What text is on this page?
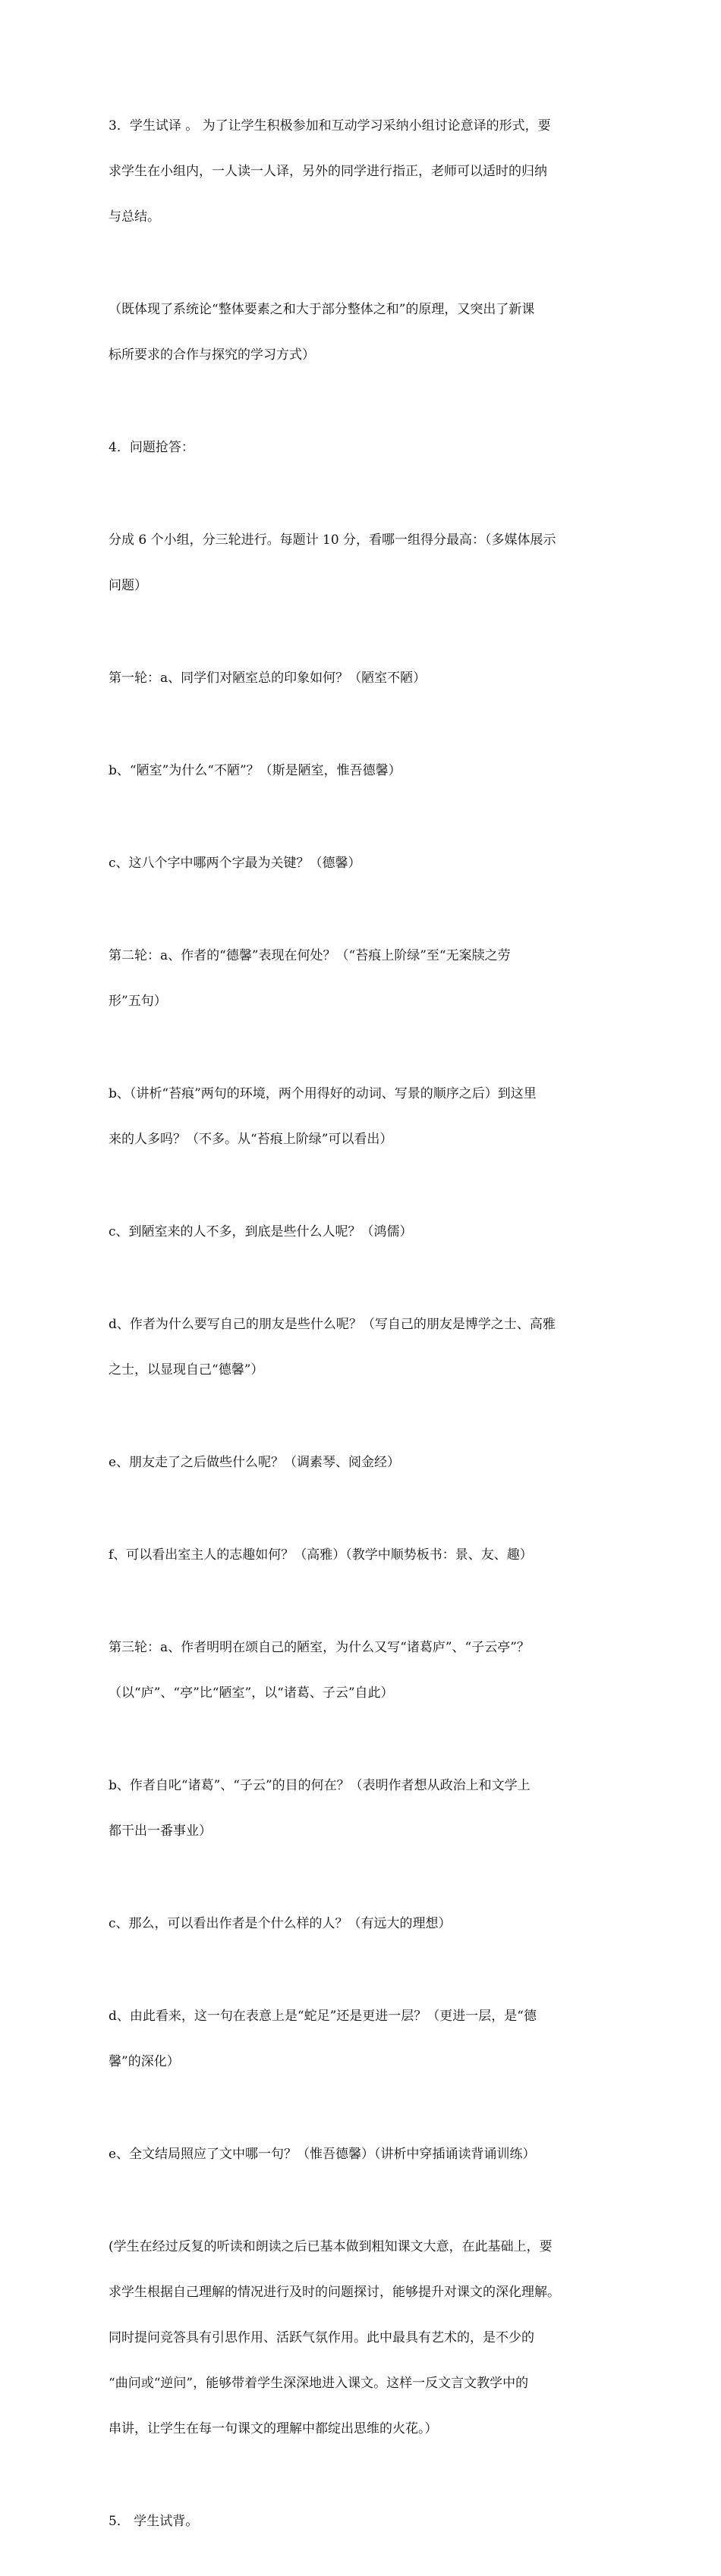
3．学生试译 。 为了让学生积极参加和互动学习采纳小组讨论意译的形式，要

求学生在小组内，一人读一人译，另外的同学进行指正，老师可以适时的归纳

与总结。

（既体现了系统论“整体要素之和大于部分整体之和”的原理，又突出了新课

标所要求的合作与探究的学习方式）

4．问题抢答：

分成 6 个小组，分三轮进行。每题计 10 分，看哪一组得分最高：（多媒体展示

问题）

第一轮：a、同学们对陋室总的印象如何？（陋室不陋）

b、“陋室”为什么“不陋”？（斯是陋室，惟吾德馨）

c、这八个字中哪两个字最为关键？（德馨）

第二轮：a、作者的“德馨”表现在何处？（“苔痕上阶绿”至“无案牍之劳

形”五句）

b、（讲析“苔痕”两句的环境，两个用得好的动词、写景的顺序之后）到这里

来的人多吗？（不多。从“苔痕上阶绿”可以看出）

c、到陋室来的人不多，到底是些什么人呢？（鸿儒）

d、作者为什么要写自己的朋友是些什么呢？（写自己的朋友是博学之士、高雅

之士，以显现自己“德馨”）

e、朋友走了之后做些什么呢？（调素琴、阅金经）

f、可以看出室主人的志趣如何？（高雅）（教学中顺势板书：景、友、趣）

第三轮：a、作者明明在颂自己的陋室，为什么又写“诸葛庐”、“子云亭”？

（以“庐”、“亭”比“陋室”，以“诸葛、子云”自此）

b、作者自叱“诸葛”、“子云”的目的何在？（表明作者想从政治上和文学上

都干出一番事业）

c、那么，可以看出作者是个什么样的人？（有远大的理想）

d、由此看来，这一句在表意上是“蛇足”还是更进一层？（更进一层，是“德

馨”的深化）

e、全文结局照应了文中哪一句？（惟吾德馨）（讲析中穿插诵读背诵训练）

(学生在经过反复的听读和朗读之后已基本做到粗知课文大意，在此基础上，要

求学生根据自己理解的情况进行及时的问题探讨，能够提升对课文的深化理解。

同时提问竞答具有引思作用、活跃气氛作用。此中最具有艺术的，是不少的

“曲问或“逆问”，能够带着学生深深地进入课文。这样一反文言文教学中的

串讲，让学生在每一句课文的理解中都绽出思维的火花。）

5． 学生试背。
